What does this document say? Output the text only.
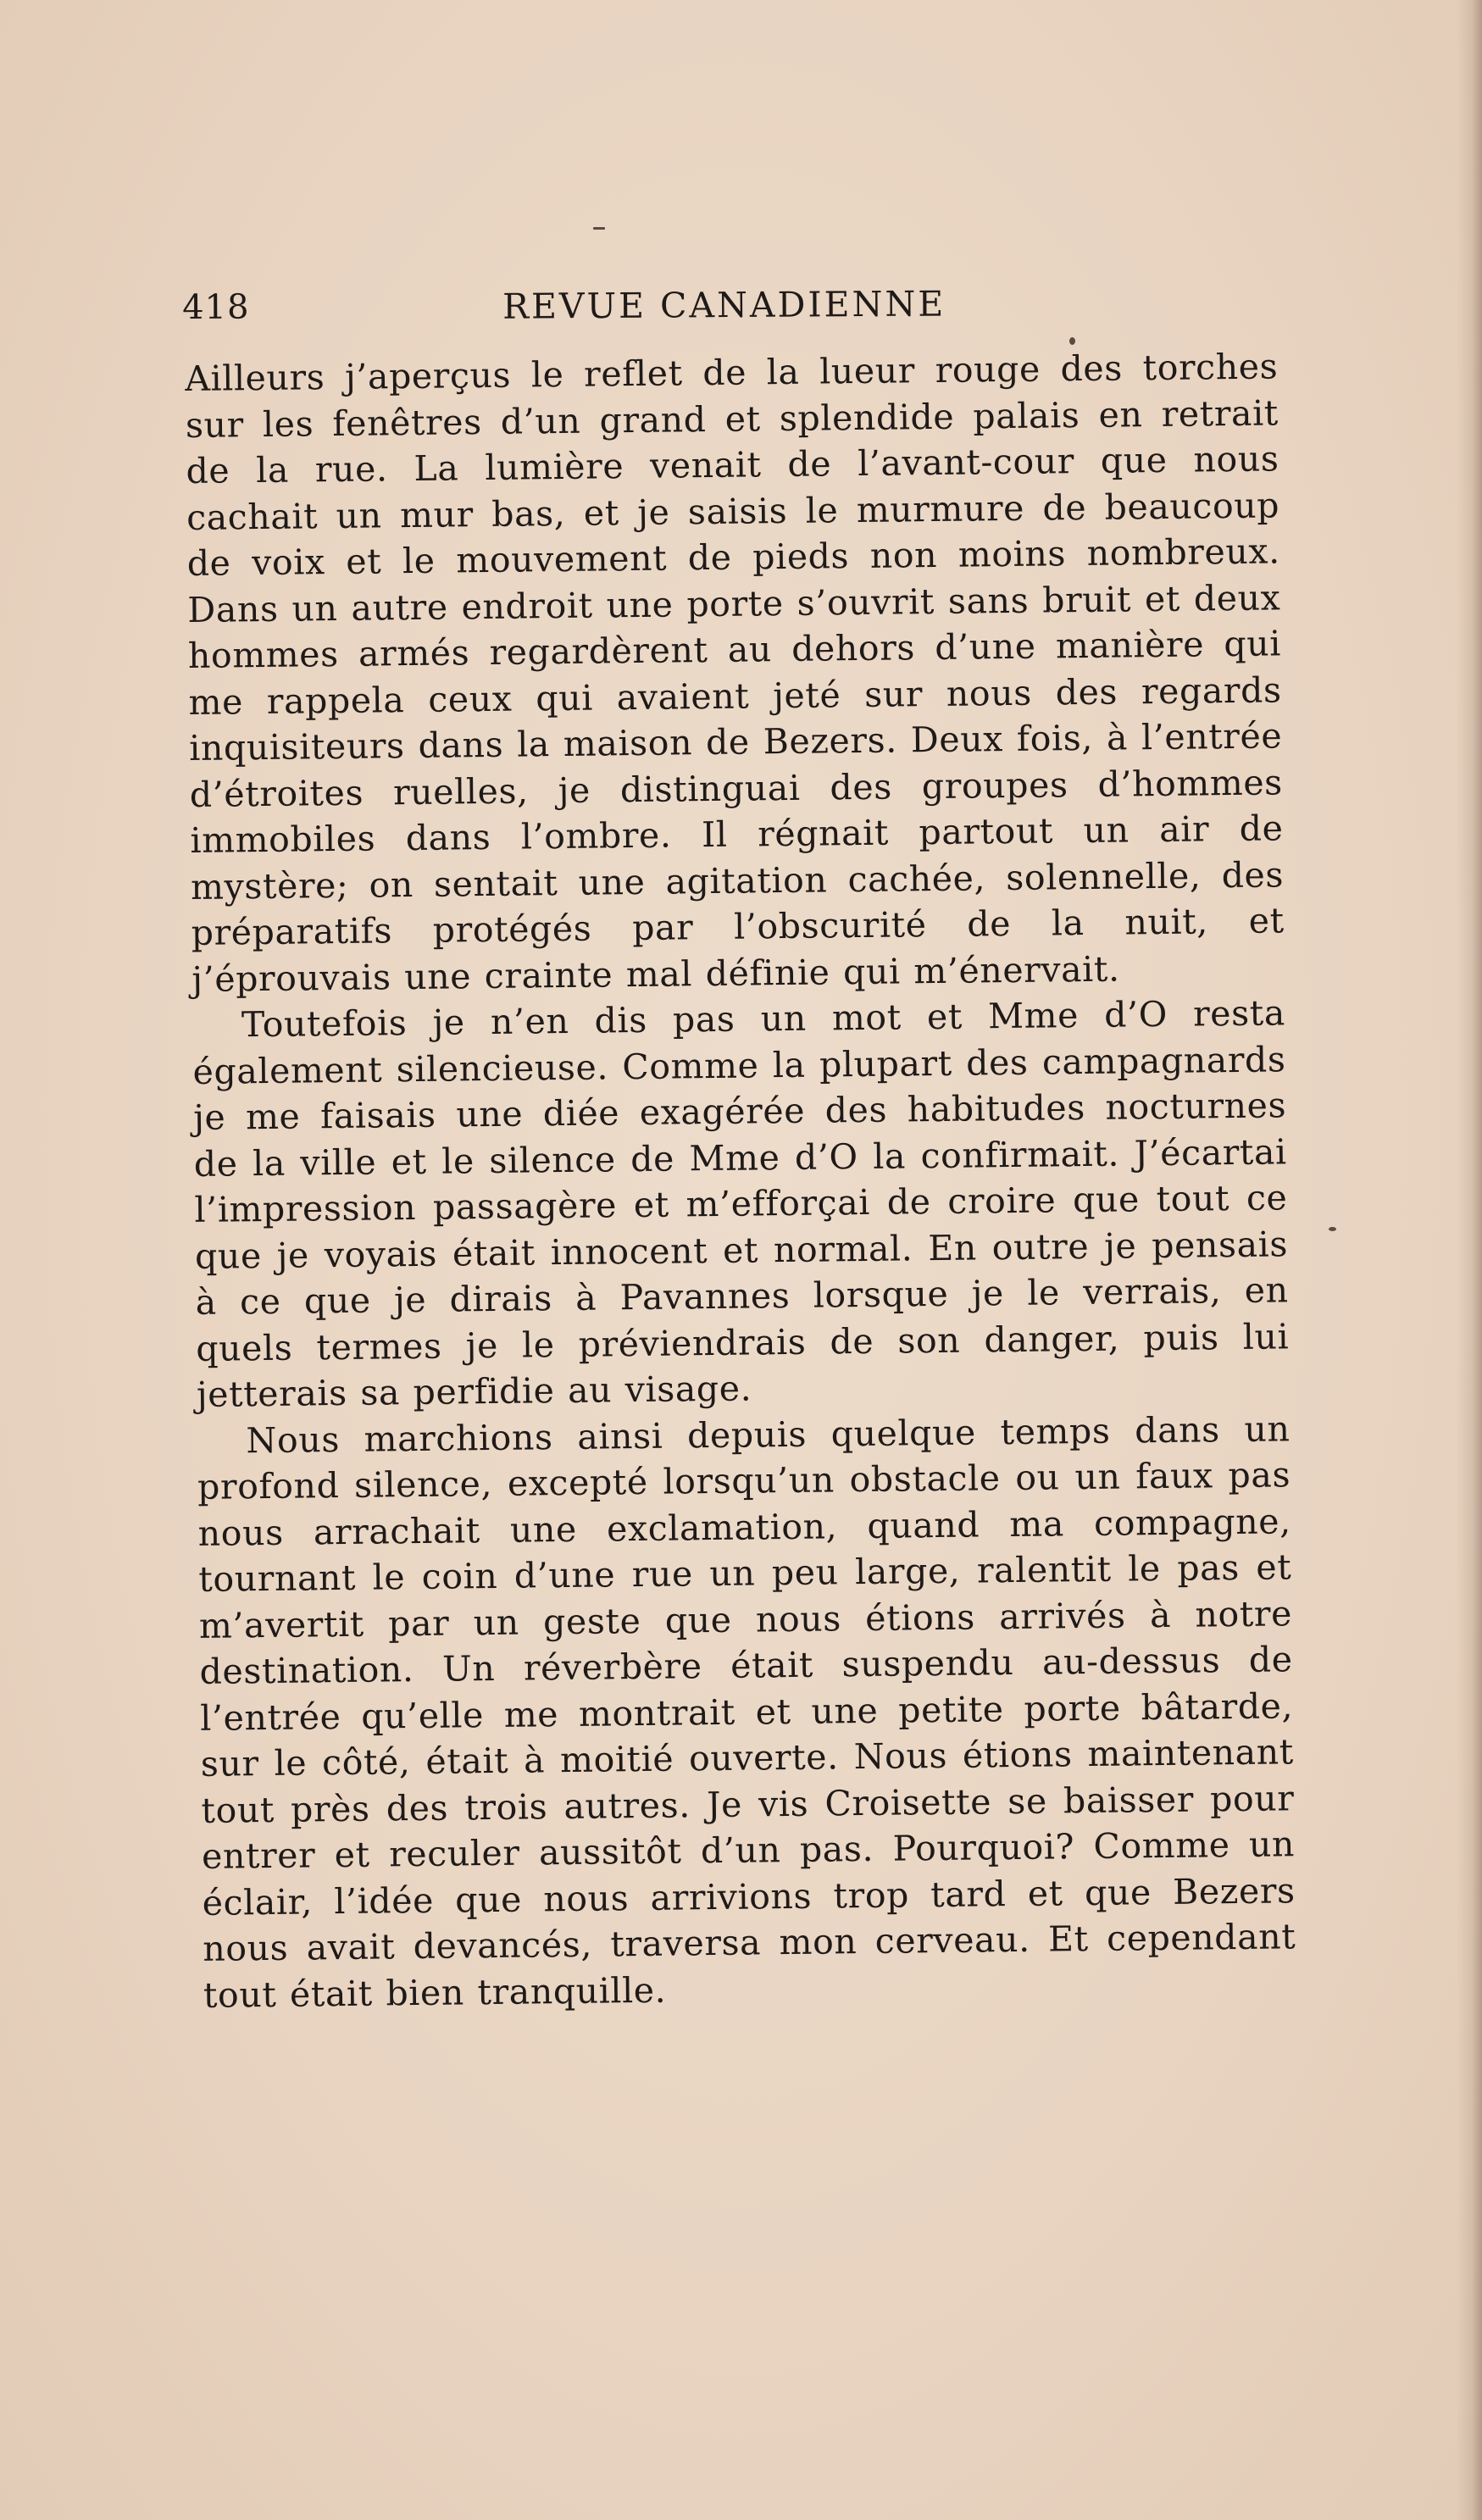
418	REVUE CANADIENNE

Ailleurs j’aperçus le reflet de la lueur rouge des torches sur les fenêtres d’un grand et splendide palais en retrait de la rue. La lumière venait de l’avant-cour que nous cachait un mur bas, et je saisis le murmure de beaucoup de voix et le mouvement de pieds non moins nombreux. Dans un autre endroit une porte s’ouvrit sans bruit et deux hommes armés regardèrent au dehors d’une manière qui me rappela ceux qui avaient jeté sur nous des regards inquisiteurs dans la maison de Bezers. Deux fois, à l’entrée d’étroites ruelles, je distinguai des groupes d’hommes immobiles dans l’ombre. Il régnait partout un air de mystère; on sentait une agitation cachée, solennelle, des préparatifs protégés par l’obscurité de la nuit, et j’éprouvais une crainte mal définie qui m’énervait.

Toutefois je n’en dis pas un mot et Mme d’O resta également silencieuse. Comme la plupart des campagnards je me faisais une diée exagérée des habitudes nocturnes de la ville et le silence de Mme d’O la confirmait. J’écartai l’impression passagère et m’efforçai de croire que tout ce que je voyais était innocent et normal. En outre je pensais à ce que je dirais à Pavannes lorsque je le verrais, en quels termes je le préviendrais de son danger, puis lui jetterais sa perfidie au visage.

Nous marchions ainsi depuis quelque temps dans un profond silence, excepté lorsqu’un obstacle ou un faux pas nous arrachait une exclamation, quand ma compagne, tournant le coin d’une rue un peu large, ralentit le pas et m’avertit par un geste que nous étions arrivés à notre destination. Un réverbère était suspendu au-dessus de l’entrée qu’elle me montrait et une petite porte bâtarde, sur le côté, était à moitié ouverte. Nous étions maintenant tout près des trois autres. Je vis Croisette se baisser pour entrer et reculer aussitôt d’un pas. Pourquoi? Comme un éclair, l’idée que nous arrivions trop tard et que Bezers nous avait devancés, traversa mon cerveau. Et cependant tout était bien tranquille.
